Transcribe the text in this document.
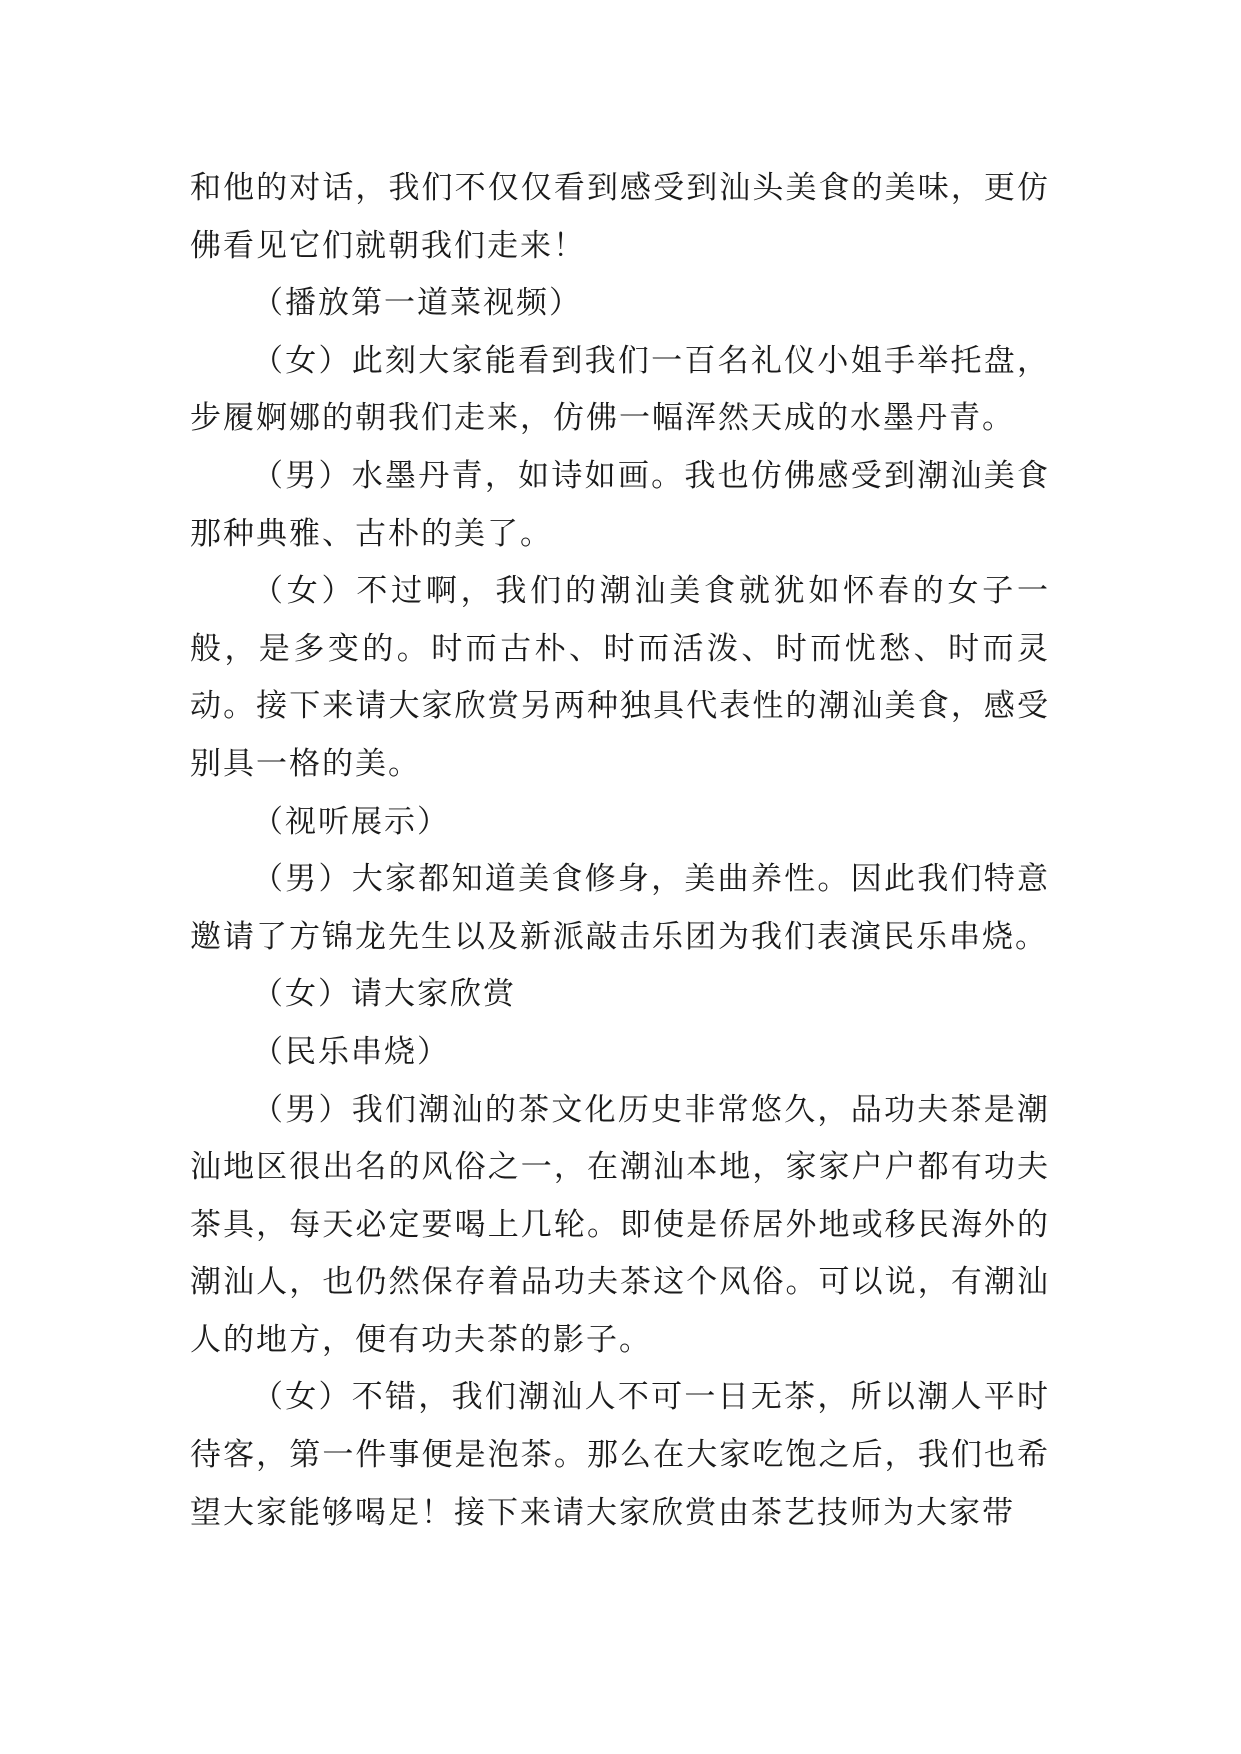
和他的对话，我们不仅仅看到感受到汕头美食的美味，更仿佛看见它们就朝我们走来！

（播放第一道菜视频）

（女）此刻大家能看到我们一百名礼仪小姐手举托盘，步履婀娜的朝我们走来，仿佛一幅浑然天成的水墨丹青。

（男）水墨丹青，如诗如画。我也仿佛感受到潮汕美食那种典雅、古朴的美了。

（女）不过啊，我们的潮汕美食就犹如怀春的女子一般，是多变的。时而古朴、时而活泼、时而忧愁、时而灵动。接下来请大家欣赏另两种独具代表性的潮汕美食，感受别具一格的美。

（视听展示）

（男）大家都知道美食修身，美曲养性。因此我们特意邀请了方锦龙先生以及新派敲击乐团为我们表演民乐串烧。

（女）请大家欣赏

（民乐串烧）

（男）我们潮汕的茶文化历史非常悠久，品功夫茶是潮汕地区很出名的风俗之一，在潮汕本地，家家户户都有功夫茶具，每天必定要喝上几轮。即使是侨居外地或移民海外的潮汕人，也仍然保存着品功夫茶这个风俗。可以说，有潮汕人的地方，便有功夫茶的影子。

（女）不错，我们潮汕人不可一日无茶，所以潮人平时待客，第一件事便是泡茶。那么在大家吃饱之后，我们也希望大家能够喝足！接下来请大家欣赏由茶艺技师为大家带
